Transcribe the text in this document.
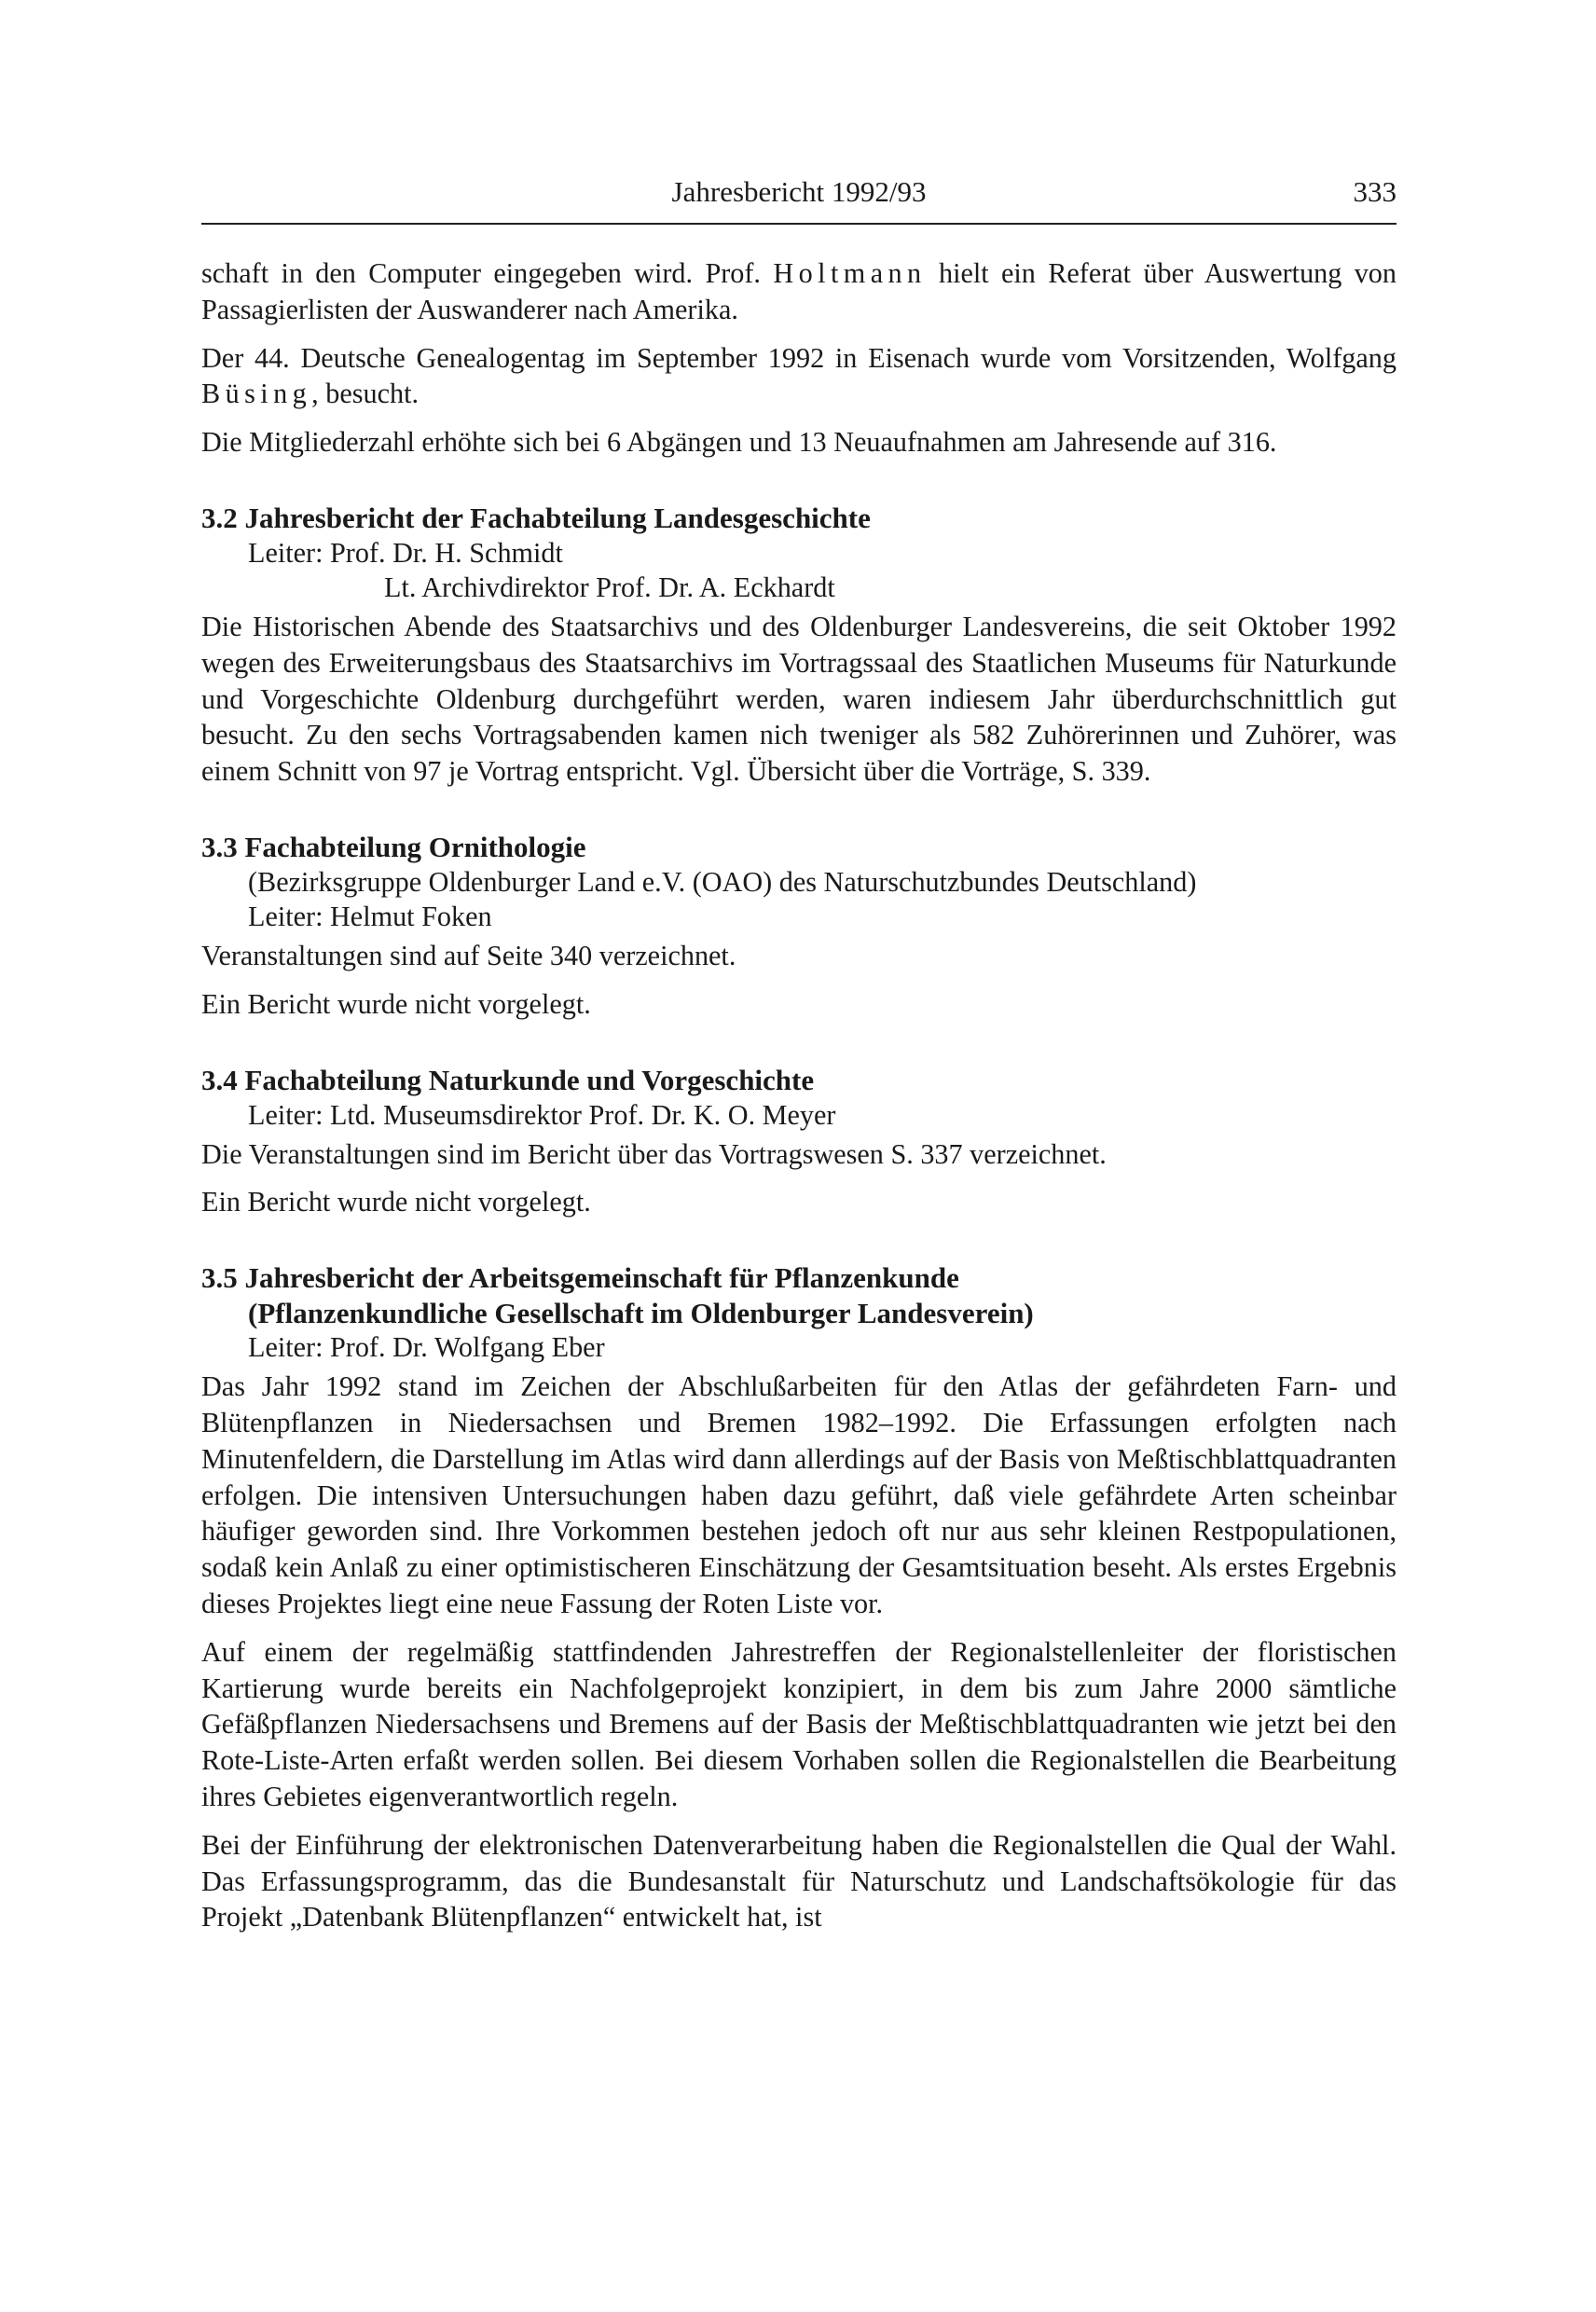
Jahresbericht 1992/93	333

schaft in den Computer eingegeben wird. Prof. Holtmann hielt ein Referat über Auswertung von Passagierlisten der Auswanderer nach Amerika.

Der 44. Deutsche Genealogentag im September 1992 in Eisenach wurde vom Vorsitzenden, Wolfgang Büsing, besucht.

Die Mitgliederzahl erhöhte sich bei 6 Abgängen und 13 Neuaufnahmen am Jahresende auf 316.

3.2 Jahresbericht der Fachabteilung Landesgeschichte
Leiter: Prof. Dr. H. Schmidt
Lt. Archivdirektor Prof. Dr. A. Eckhardt

Die Historischen Abende des Staatsarchivs und des Oldenburger Landesvereins, die seit Oktober 1992 wegen des Erweiterungsbaus des Staatsarchivs im Vortragssaal des Staatlichen Museums für Naturkunde und Vorgeschichte Oldenburg durchgeführt werden, waren indiesem Jahr überdurchschnittlich gut besucht. Zu den sechs Vortragsabenden kamen nich tweniger als 582 Zuhörerinnen und Zuhörer, was einem Schnitt von 97 je Vortrag entspricht. Vgl. Übersicht über die Vorträge, S. 339.

3.3 Fachabteilung Ornithologie
(Bezirksgruppe Oldenburger Land e.V. (OAO) des Naturschutzbundes Deutschland)
Leiter: Helmut Foken

Veranstaltungen sind auf Seite 340 verzeichnet.

Ein Bericht wurde nicht vorgelegt.

3.4 Fachabteilung Naturkunde und Vorgeschichte
Leiter: Ltd. Museumsdirektor Prof. Dr. K. O. Meyer

Die Veranstaltungen sind im Bericht über das Vortragswesen S. 337 verzeichnet.

Ein Bericht wurde nicht vorgelegt.

3.5 Jahresbericht der Arbeitsgemeinschaft für Pflanzenkunde
(Pflanzenkundliche Gesellschaft im Oldenburger Landesverein)
Leiter: Prof. Dr. Wolfgang Eber

Das Jahr 1992 stand im Zeichen der Abschlußarbeiten für den Atlas der gefährdeten Farn- und Blütenpflanzen in Niedersachsen und Bremen 1982–1992. Die Erfassungen erfolgten nach Minutenfeldern, die Darstellung im Atlas wird dann allerdings auf der Basis von Meßtischblattquadranten erfolgen. Die intensiven Untersuchungen haben dazu geführt, daß viele gefährdete Arten scheinbar häufiger geworden sind. Ihre Vorkommen bestehen jedoch oft nur aus sehr kleinen Restpopulationen, sodaß kein Anlaß zu einer optimistischeren Einschätzung der Gesamtsituation beseht. Als erstes Ergebnis dieses Projektes liegt eine neue Fassung der Roten Liste vor.

Auf einem der regelmäßig stattfindenden Jahrestreffen der Regionalstellenleiter der floristischen Kartierung wurde bereits ein Nachfolgeprojekt konzipiert, in dem bis zum Jahre 2000 sämtliche Gefäßpflanzen Niedersachsens und Bremens auf der Basis der Meßtischblattquadranten wie jetzt bei den Rote-Liste-Arten erfaßt werden sollen. Bei diesem Vorhaben sollen die Regionalstellen die Bearbeitung ihres Gebietes eigenverantwortlich regeln.

Bei der Einführung der elektronischen Datenverarbeitung haben die Regionalstellen die Qual der Wahl. Das Erfassungsprogramm, das die Bundesanstalt für Naturschutz und Landschaftsökologie für das Projekt „Datenbank Blütenpflanzen“ entwickelt hat, ist
